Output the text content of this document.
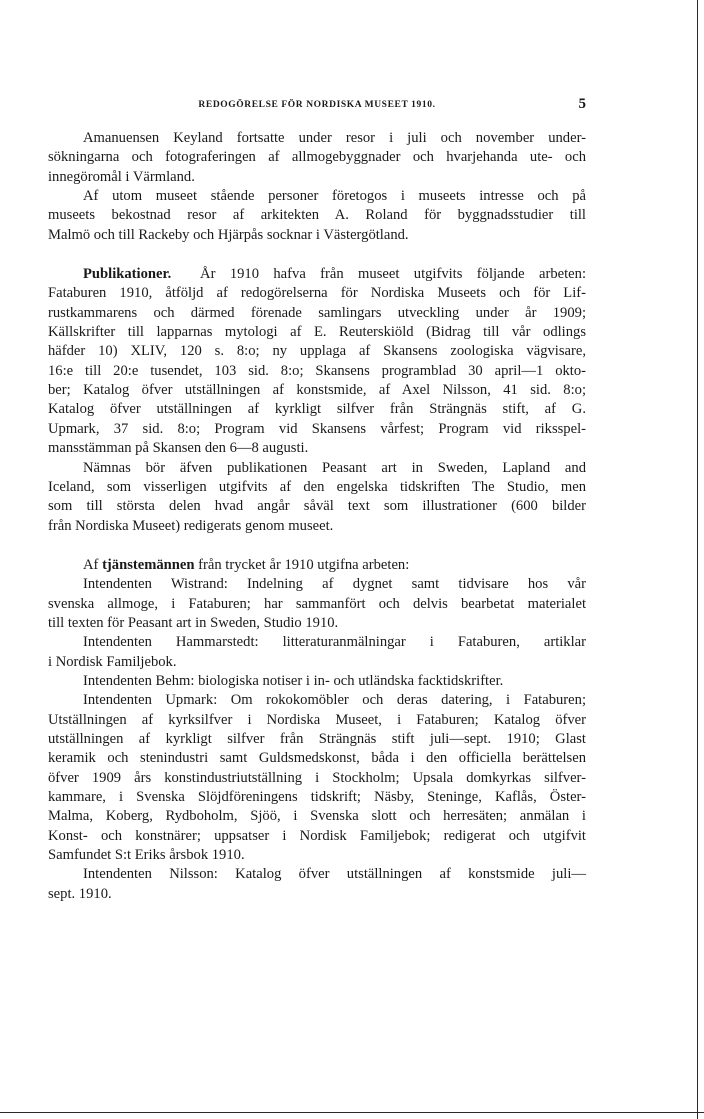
REDOGÖRELSE FÖR NORDISKA MUSEET 1910.	5
Amanuensen Keyland fortsatte under resor i juli och november under-
sökningarna och fotograferingen af allmogebyggnader och hvarjehanda ute- och
innegöromål i Värmland.
Af utom museet stående personer företogos i museets intresse och på
museets bekostnad resor af arkitekten A. Roland för byggnadsstudier till
Malmö och till Rackeby och Hjärpås socknar i Västergötland.
Publikationer. År 1910 hafva från museet utgifvits följande arbeten:
Fataburen 1910, åtföljd af redogörelserna för Nordiska Museets och för Lif-
rustkammarens och därmed förenade samlingars utveckling under år 1909;
Källskrifter till lapparnas mytologi af E. Reuterskiöld (Bidrag till vår odlings
häfder 10) XLIV, 120 s. 8:o; ny upplaga af Skansens zoologiska vägvisare,
16:e till 20:e tusendet, 103 sid. 8:o; Skansens programblad 30 april—1 okto-
ber; Katalog öfver utställningen af konstsmide, af Axel Nilsson, 41 sid. 8:o;
Katalog öfver utställningen af kyrkligt silfver från Strängnäs stift, af G.
Upmark, 37 sid. 8:o; Program vid Skansens vårfest; Program vid riksspel-
mansstämman på Skansen den 6—8 augusti.
Nämnas bör äfven publikationen Peasant art in Sweden, Lapland and
Iceland, som visserligen utgifvits af den engelska tidskriften The Studio, men
som till största delen hvad angår såväl text som illustrationer (600 bilder
från Nordiska Museet) redigerats genom museet.
Af tjänstemännen från trycket år 1910 utgifna arbeten:
Intendenten Wistrand: Indelning af dygnet samt tidvisare hos vår
svenska allmoge, i Fataburen; har sammanfört och delvis bearbetat materialet
till texten för Peasant art in Sweden, Studio 1910.
Intendenten Hammarstedt: litteraturanmälningar i Fataburen, artiklar
i Nordisk Familjebok.
Intendenten Behm: biologiska notiser i in- och utländska facktidskrifter.
Intendenten Upmark: Om rokokomöbler och deras datering, i Fataburen;
Utställningen af kyrksilfver i Nordiska Museet, i Fataburen; Katalog öfver
utställningen af kyrkligt silfver från Strängnäs stift juli—sept. 1910; Glast
keramik och stenindustri samt Guldsmedskonst, båda i den officiella berättelsen
öfver 1909 års konstindustriutställning i Stockholm; Upsala domkyrkas silfver-
kammare, i Svenska Slöjdföreningens tidskrift; Näsby, Steninge, Kaflås, Öster-
Malma, Koberg, Rydboholm, Sjöö, i Svenska slott och herresäten; anmälan i
Konst- och konstnärer; uppsatser i Nordisk Familjebok; redigerat och utgifvit
Samfundet S:t Eriks årsbok 1910.
Intendenten Nilsson: Katalog öfver utställningen af konstsmide juli—
sept. 1910.
